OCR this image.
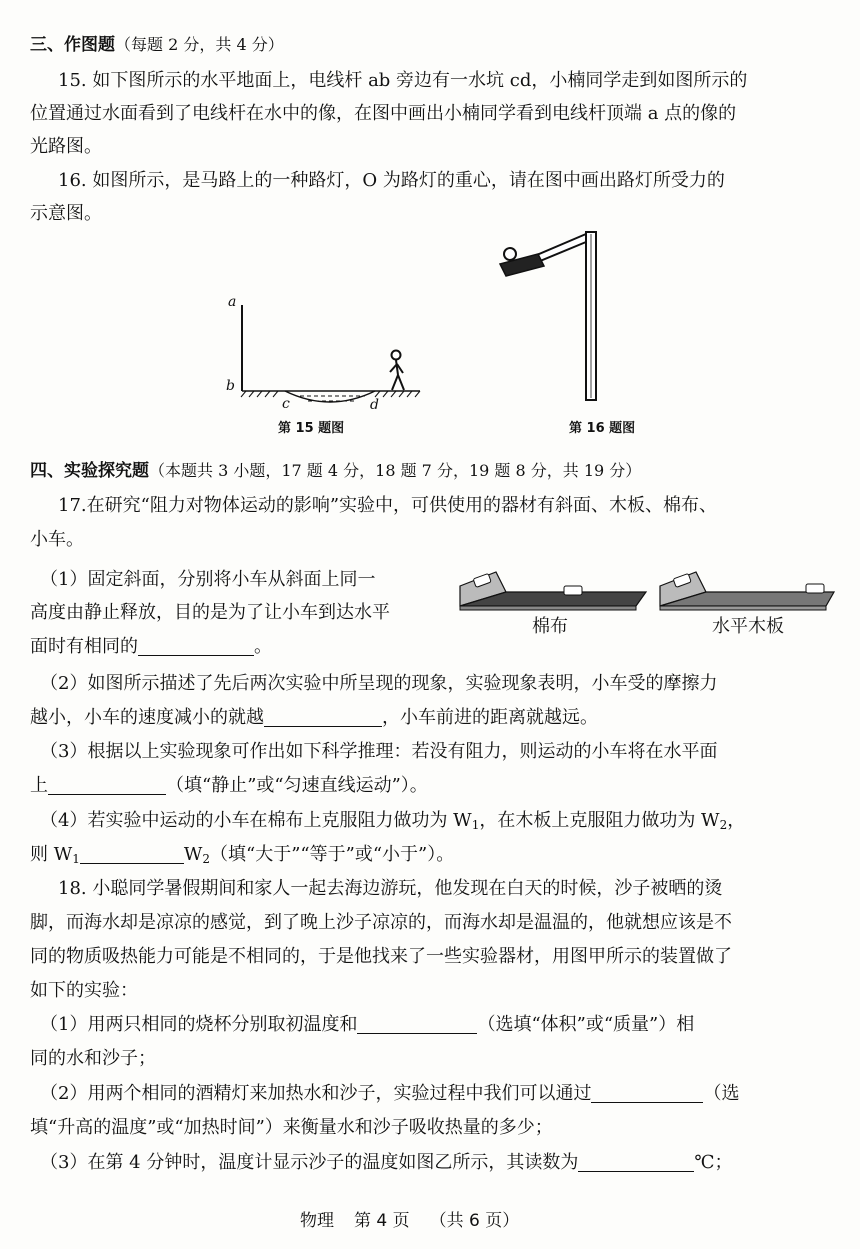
三、作图题（每题 2 分，共 4 分）
15. 如下图所示的水平地面上，电线杆 ab 旁边有一水坑 cd，小楠同学走到如图所示的
位置通过水面看到了电线杆在水中的像，在图中画出小楠同学看到电线杆顶端 a 点的像的
光路图。
16. 如图所示，是马路上的一种路灯，O 为路灯的重心，请在图中画出路灯所受力的
示意图。
a
b
c	d
第 15 题图	第 16 题图
四、实验探究题（本题共 3 小题，17 题 4 分，18 题 7 分，19 题 8 分，共 19 分）
17.在研究“阻力对物体运动的影响”实验中，可供使用的器材有斜面、木板、棉布、
小车。
（1）固定斜面，分别将小车从斜面上同一
高度由静止释放，目的是为了让小车到达水平
面时有相同的	。
棉布	水平木板
（2）如图所示描述了先后两次实验中所呈现的现象，实验现象表明，小车受的摩擦力
越小，小车的速度减小的就越	，小车前进的距离就越远。
（3）根据以上实验现象可作出如下科学推理：若没有阻力，则运动的小车将在水平面
上	（填“静止”或“匀速直线运动”）。
（4）若实验中运动的小车在棉布上克服阻力做功为 $W_1$，在木板上克服阻力做功为 $W_2$，
则 $W_1$	$W_2$（填“大于”“等于”或“小于”）。
18. 小聪同学暑假期间和家人一起去海边游玩，他发现在白天的时候，沙子被晒的烫
脚，而海水却是凉凉的感觉，到了晚上沙子凉凉的，而海水却是温温的，他就想应该是不
同的物质吸热能力可能是不相同的，于是他找来了一些实验器材，用图甲所示的装置做了
如下的实验：
（1）用两只相同的烧杯分别取初温度和	（选填“体积”或“质量”）相
同的水和沙子；
（2）用两个相同的酒精灯来加热水和沙子，实验过程中我们可以通过	（选
填“升高的温度”或“加热时间”）来衡量水和沙子吸收热量的多少；
（3）在第 4 分钟时，温度计显示沙子的温度如图乙所示，其读数为	℃；
物理 第 4 页 （共 6 页）
